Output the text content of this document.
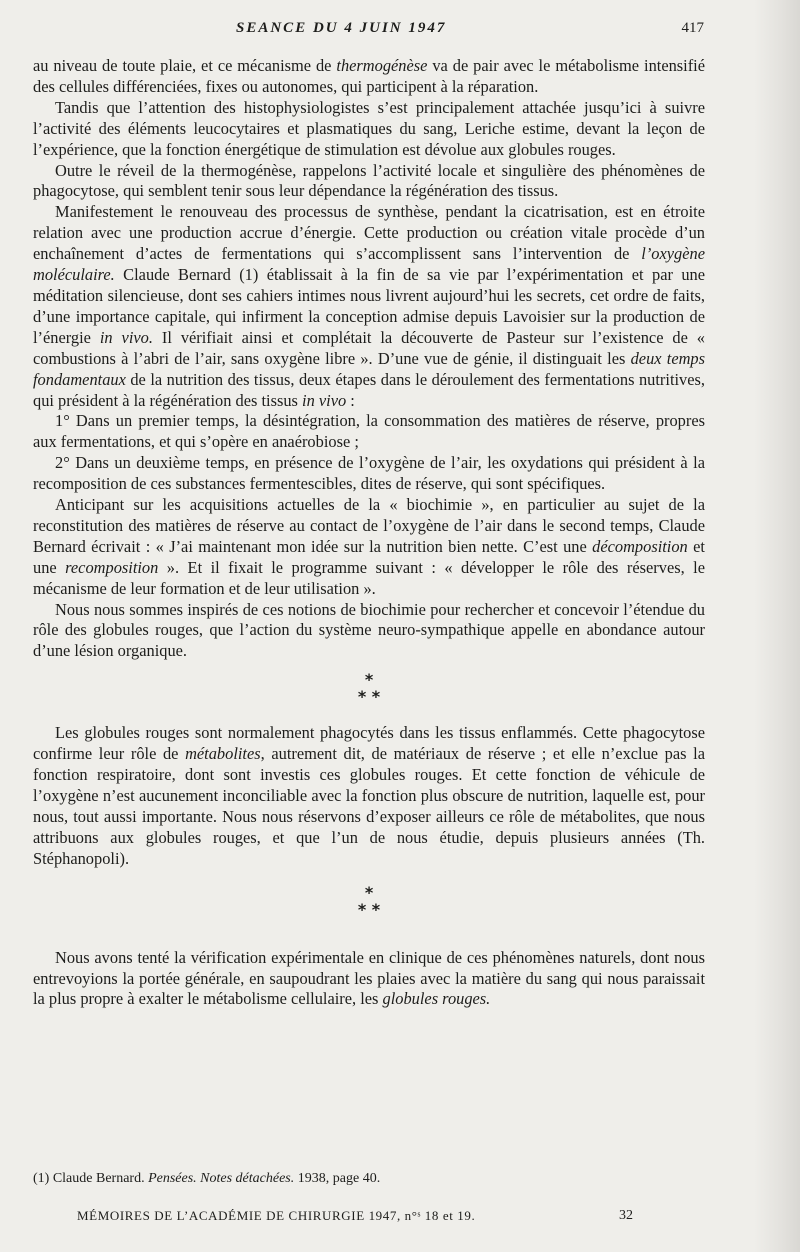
SEANCE DU 4 JUIN 1947	417

au niveau de toute plaie, et ce mécanisme de thermogénèse va de pair avec le métabolisme intensifié des cellules différenciées, fixes ou autonomes, qui participent à la réparation.

Tandis que l’attention des histophysiologistes s’est principalement attachée jusqu’ici à suivre l’activité des éléments leucocytaires et plasmatiques du sang, Leriche estime, devant la leçon de l’expérience, que la fonction énergétique de stimulation est dévolue aux globules rouges.

Outre le réveil de la thermogénèse, rappelons l’activité locale et singulière des phénomènes de phagocytose, qui semblent tenir sous leur dépendance la régénération des tissus.

Manifestement le renouveau des processus de synthèse, pendant la cicatrisation, est en étroite relation avec une production accrue d’énergie. Cette production ou création vitale procède d’un enchaînement d’actes de fermentations qui s’accomplissent sans l’intervention de l’oxygène moléculaire. Claude Bernard (1) établissait à la fin de sa vie par l’expérimentation et par une méditation silencieuse, dont ses cahiers intimes nous livrent aujourd’hui les secrets, cet ordre de faits, d’une importance capitale, qui infirment la conception admise depuis Lavoisier sur la production de l’énergie in vivo. Il vérifiait ainsi et complétait la découverte de Pasteur sur l’existence de « combustions à l’abri de l’air, sans oxygène libre ». D’une vue de génie, il distinguait les deux temps fondamentaux de la nutrition des tissus, deux étapes dans le déroulement des fermentations nutritives, qui président à la régénération des tissus in vivo :

1° Dans un premier temps, la désintégration, la consommation des matières de réserve, propres aux fermentations, et qui s’opère en anaérobiose ;

2° Dans un deuxième temps, en présence de l’oxygène de l’air, les oxydations qui président à la recomposition de ces substances fermentescibles, dites de réserve, qui sont spécifiques.

Anticipant sur les acquisitions actuelles de la « biochimie », en particulier au sujet de la reconstitution des matières de réserve au contact de l’oxygène de l’air dans le second temps, Claude Bernard écrivait : « J’ai maintenant mon idée sur la nutrition bien nette. C’est une décomposition et une recomposition ». Et il fixait le programme suivant : « développer le rôle des réserves, le mécanisme de leur formation et de leur utilisation ».

Nous nous sommes inspirés de ces notions de biochimie pour rechercher et concevoir l’étendue du rôle des globules rouges, que l’action du système neuro-sympathique appelle en abondance autour d’une lésion organique.

*
* *

Les globules rouges sont normalement phagocytés dans les tissus enflammés. Cette phagocytose confirme leur rôle de métabolites, autrement dit, de matériaux de réserve ; et elle n’exclue pas la fonction respiratoire, dont sont investis ces globules rouges. Et cette fonction de véhicule de l’oxygène n’est aucunement inconciliable avec la fonction plus obscure de nutrition, laquelle est, pour nous, tout aussi importante. Nous nous réservons d’exposer ailleurs ce rôle de métabolites, que nous attribuons aux globules rouges, et que l’un de nous étudie, depuis plusieurs années (Th. Stéphanopoli).

*
* *

Nous avons tenté la vérification expérimentale en clinique de ces phénomènes naturels, dont nous entrevoyions la portée générale, en saupoudrant les plaies avec la matière du sang qui nous paraissait la plus propre à exalter le métabolisme cellulaire, les globules rouges.

(1) Claude Bernard. Pensées. Notes détachées. 1938, page 40.
MÉMOIRES DE L’ACADÉMIE DE CHIRURGIE 1947, n°ˢ 18 et 19.	32
